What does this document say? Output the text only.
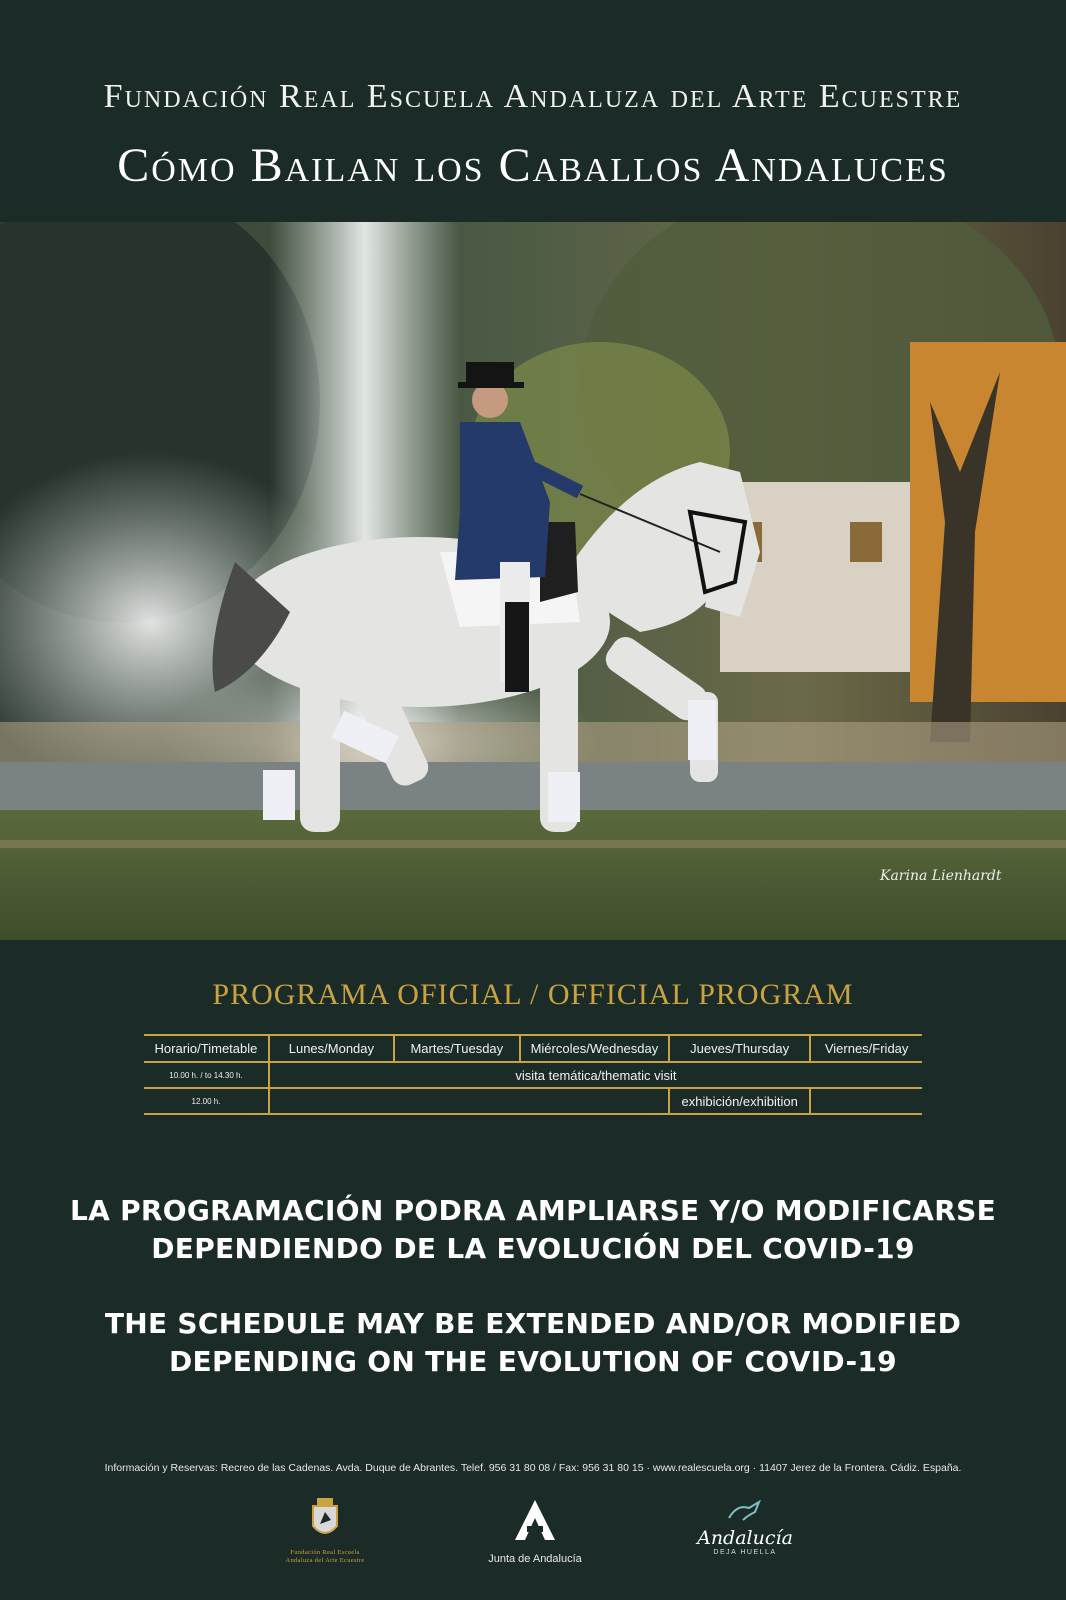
Fundación Real Escuela Andaluza del Arte Ecuestre
Cómo Bailan los Caballos Andaluces
Karina Lienhardt
PROGRAMA OFICIAL / OFFICIAL PROGRAM
Horario/Timetable	Lunes/Monday	Martes/Tuesday	Miércoles/Wednesday	Jueves/Thursday	Viernes/Friday
10.00 h. / to 14.30 h.	visita temática/thematic visit				
12.00 h.				exhibición/exhibition	
LA PROGRAMACIÓN PODRA AMPLIARSE Y/O MODIFICARSE
DEPENDIENDO DE LA EVOLUCIÓN DEL COVID-19
THE SCHEDULE MAY BE EXTENDED AND/OR MODIFIED
DEPENDING ON THE EVOLUTION OF COVID-19
Información y Reservas: Recreo de las Cadenas. Avda. Duque de Abrantes. Telef. 956 31 80 08 / Fax: 956 31 80 15 · www.realescuela.org · 11407 Jerez de la Frontera. Cádiz. España.
Fundación Real Escuela
Andaluza del Arte Ecuestre	Junta de Andalucía
Andalucía
DEJA HUELLA
